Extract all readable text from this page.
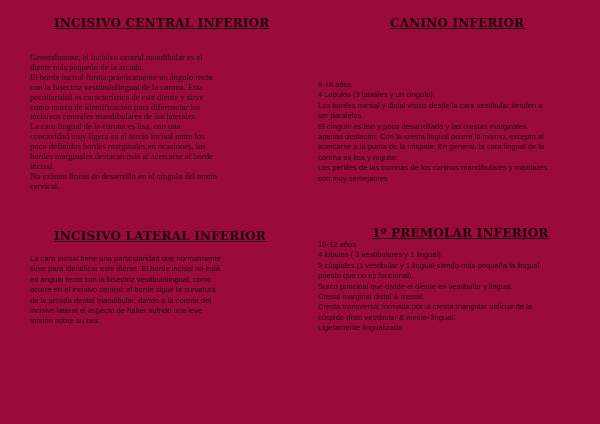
INCISIVO CENTRAL INFERIOR	CANINO INFERIOR
INCISIVO LATERAL INFERIOR	1º PREMOLAR INFERIOR
Generalmente, el incisivo central mandibular es el
diente más pequeño de la arcada.
El borde incisal forma prácticamente un ángulo recto
con la bisectriz vestibulolingual de la corona. Esta
peculiaridad es característica de este diente y sirve
como marca de identificación para diferenciar los
incisivos centrales mandibulares de los laterales.
La cara lingual de la corona es lisa, con una
concavidad muy ligera en el tercio incisal entre los
poco definidos bordes marginales,en ocasiones, los
bordes marginales destacan más al acercarse al borde
incisal.
No existen líneas de desarrollo en el cíngulo del tercio
cervical.
La cara incisal tiene una particularidad que normalmente
sirve para identificar este diente. El borde incisal no está
en ángulo recto con la bisectriz vestibulolingual, como
ocurre en el incisivo central; el borde sigue la curvatura
de la arcada dental mandibular, dando a la corona del
incisivo lateral el aspecto de haber sufrido una leve
torsión sobre su raíz.
9-16 años
4 Lobulos (3 labiales y un cingulo).
Los bordes mesial y distal vistos desde la cara vestibular tienden a
ser paralelos.
El cíngulo es liso y poco desarrollado y las crestas marginales
apenas destacan. Con la cresta lingual ocurre lo mismo, excepto al
acercarse a la punta de la cúspide. En general, la cara lingual de la
corona es lisa y regular.
Los perfiles de las coronas de los caninos mandibulares y maxilares
son muy semejantes
10-12 años
4 lobulos ( 3 vestibulares y 1 lingual).
2 cúspides (1 vestibular y 1 lingual-siendo más pequeña la lingual
puesto que no es funcional).
Surco principal que divide el diente en vestibular y lingual.
Cresta marginal distal & mesial.
Cresta transversal formada por la cresta triangular oblicua de la
cúspide disto vestibular & mesio- lingual.
Ligeramente lingualizado
